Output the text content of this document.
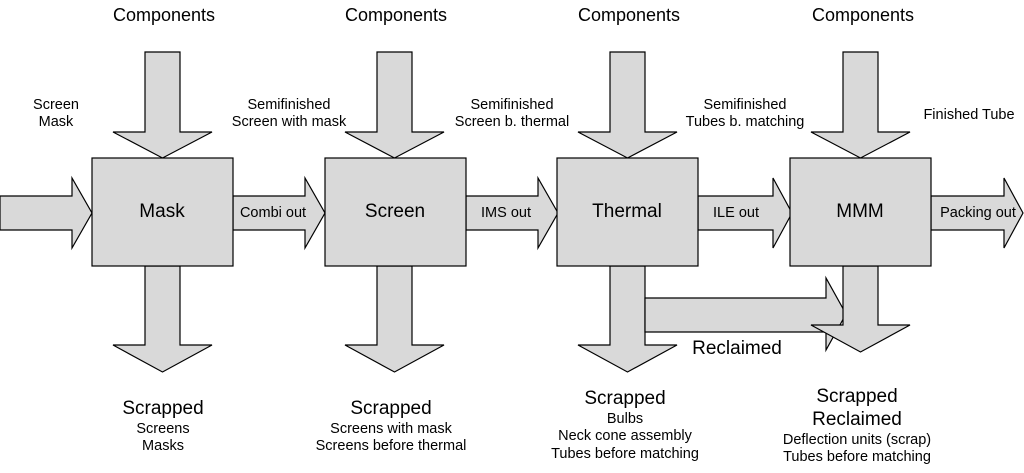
Mask	Screen	Thermal	MMM
Components	Components	Components	Components
Screen
Mask
Semifinished
Screen with mask
Semifinished
Screen b. thermal
Semifinished
Tubes b. matching	Finished Tube
Combi out	IMS out	ILE out	Packing out
Reclaimed
Scrapped
Screens
Masks
Scrapped
Screens with mask
Screens before thermal
Scrapped
Bulbs
Neck cone assembly
Tubes before matching
Scrapped
Reclaimed
Deflection units (scrap)
Tubes before matching
